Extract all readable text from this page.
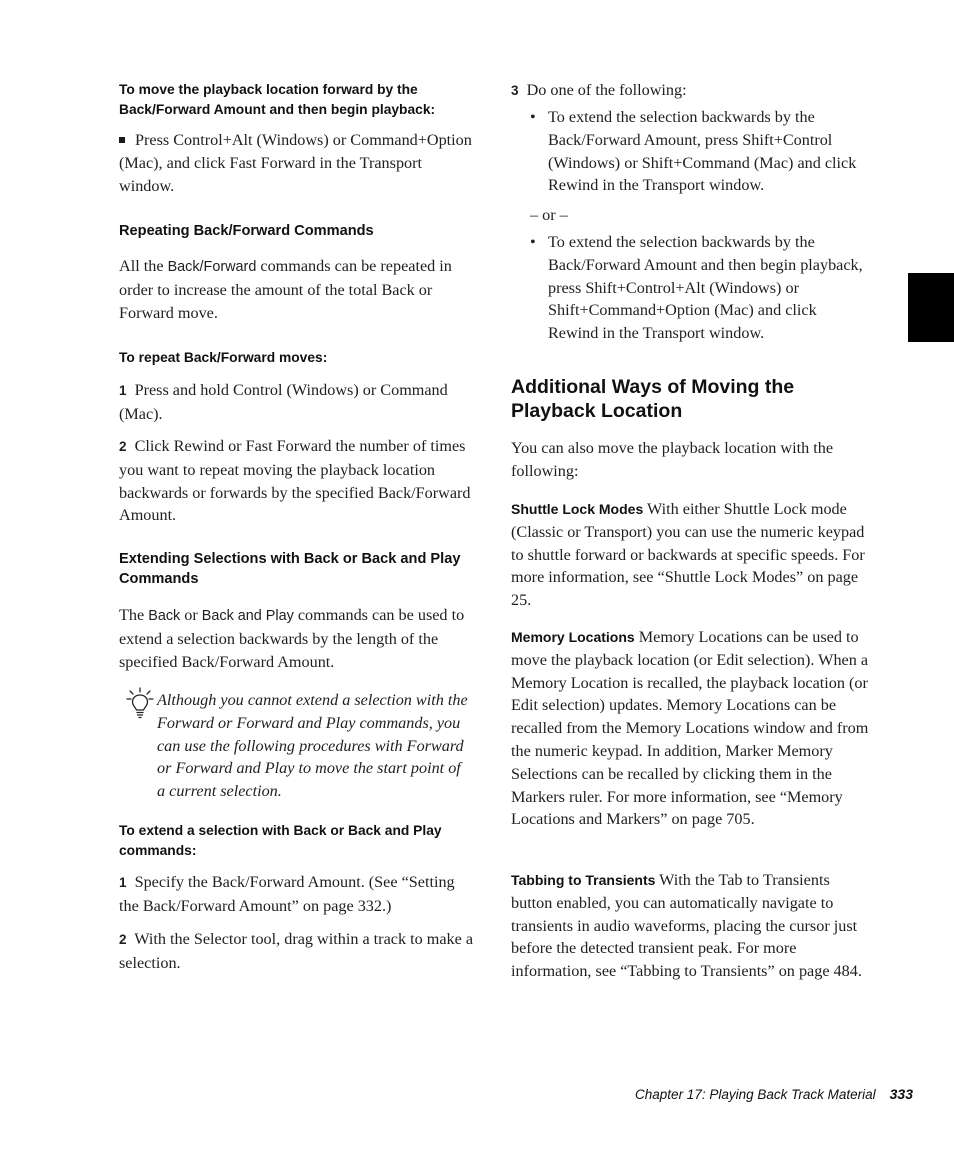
To move the playback location forward by the Back/Forward Amount and then begin playback:

Press Control+Alt (Windows) or Command+Option (Mac), and click Fast Forward in the Transport window.

Repeating Back/Forward Commands

All the Back/Forward commands can be repeated in order to increase the amount of the total Back or Forward move.

To repeat Back/Forward moves:

1 Press and hold Control (Windows) or Command (Mac).

2 Click Rewind or Fast Forward the number of times you want to repeat moving the playback location backwards or forwards by the specified Back/Forward Amount.

Extending Selections with Back or Back and Play Commands

The Back or Back and Play commands can be used to extend a selection backwards by the length of the specified Back/Forward Amount.

Although you cannot extend a selection with the Forward or Forward and Play commands, you can use the following procedures with Forward or Forward and Play to move the start point of a current selection.

To extend a selection with Back or Back and Play commands:

1 Specify the Back/Forward Amount. (See “Setting the Back/Forward Amount” on page 332.)

2 With the Selector tool, drag within a track to make a selection.

3 Do one of the following:

• To extend the selection backwards by the Back/Forward Amount, press Shift+Control (Windows) or Shift+Command (Mac) and click Rewind in the Transport window.

– or –

• To extend the selection backwards by the Back/Forward Amount and then begin playback, press Shift+Control+Alt (Windows) or Shift+Command+Option (Mac) and click Rewind in the Transport window.
Additional Ways of Moving the Playback Location

You can also move the playback location with the following:

Shuttle Lock Modes With either Shuttle Lock mode (Classic or Transport) you can use the numeric keypad to shuttle forward or backwards at specific speeds. For more information, see “Shuttle Lock Modes” on page 25.

Memory Locations Memory Locations can be used to move the playback location (or Edit selection). When a Memory Location is recalled, the playback location (or Edit selection) updates. Memory Locations can be recalled from the Memory Locations window and from the numeric keypad. In addition, Marker Memory Selections can be recalled by clicking them in the Markers ruler. For more information, see “Memory Locations and Markers” on page 705.

Tabbing to Transients With the Tab to Transients button enabled, you can automatically navigate to transients in audio waveforms, placing the cursor just before the detected transient peak. For more information, see “Tabbing to Transients” on page 484.

Chapter 17: Playing Back Track Material 333
